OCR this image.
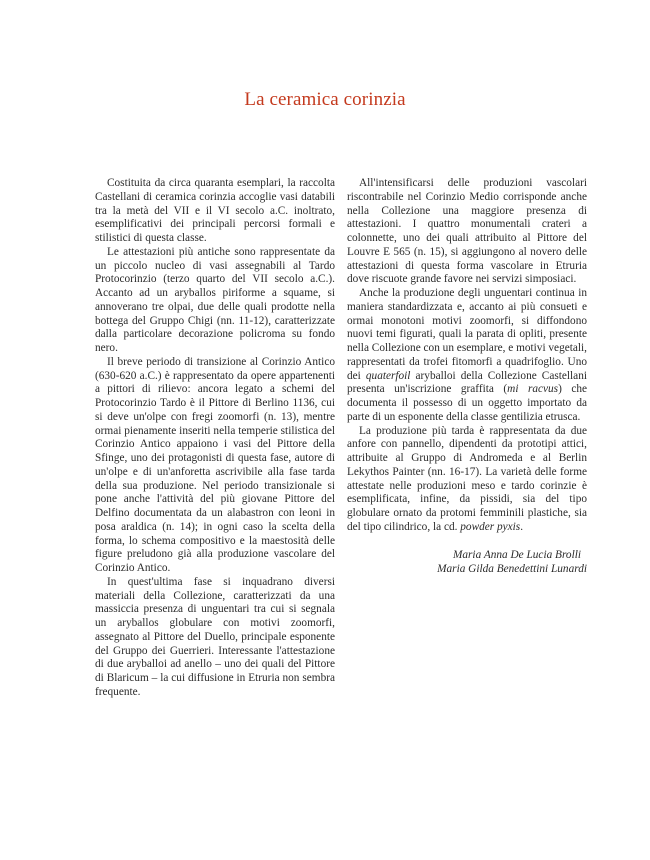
La ceramica corinzia

Costituita da circa quaranta esemplari, la raccolta Castellani di ceramica corinzia accoglie vasi databili tra la metà del VII e il VI secolo a.C. inoltrato, esemplificativi dei principali percorsi formali e stilistici di questa classe.

Le attestazioni più antiche sono rappresentate da un piccolo nucleo di vasi assegnabili al Tardo Protocorinzio (terzo quarto del VII secolo a.C.). Accanto ad un aryballos piriforme a squame, si annoverano tre olpai, due delle quali prodotte nella bottega del Gruppo Chigi (nn. 11-12), caratterizzate dalla particolare decorazione policroma su fondo nero.

Il breve periodo di transizione al Corinzio Antico (630-620 a.C.) è rappresentato da opere appartenenti a pittori di rilievo: ancora legato a schemi del Protocorinzio Tardo è il Pittore di Berlino 1136, cui si deve un'olpe con fregi zoomorfi (n. 13), mentre ormai pienamente inseriti nella temperie stilistica del Corinzio Antico appaiono i vasi del Pittore della Sfinge, uno dei protagonisti di questa fase, autore di un'olpe e di un'anforetta ascrivibile alla fase tarda della sua produzione. Nel periodo transizionale si pone anche l'attività del più giovane Pittore del Delfino documentata da un alabastron con leoni in posa araldica (n. 14); in ogni caso la scelta della forma, lo schema compositivo e la maestosità delle figure preludono già alla produzione vascolare del Corinzio Antico.

In quest'ultima fase si inquadrano diversi materiali della Collezione, caratterizzati da una massiccia presenza di unguentari tra cui si segnala un aryballos globulare con motivi zoomorfi, assegnato al Pittore del Duello, principale esponente del Gruppo dei Guerrieri. Interessante l'attestazione di due aryballoi ad anello – uno dei quali del Pittore di Blaricum – la cui diffusione in Etruria non sembra frequente.

All'intensificarsi delle produzioni vascolari riscontrabile nel Corinzio Medio corrisponde anche nella Collezione una maggiore presenza di attestazioni. I quattro monumentali crateri a colonnette, uno dei quali attribuito al Pittore del Louvre E 565 (n. 15), si aggiungono al novero delle attestazioni di questa forma vascolare in Etruria dove riscuote grande favore nei servizi simposiaci.

Anche la produzione degli unguentari continua in maniera standardizzata e, accanto ai più consueti e ormai monotoni motivi zoomorfi, si diffondono nuovi temi figurati, quali la parata di opliti, presente nella Collezione con un esemplare, e motivi vegetali, rappresentati da trofei fitomorfi a quadrifoglio. Uno dei quaterfoil aryballoi della Collezione Castellani presenta un'iscrizione graffita (mi racvus) che documenta il possesso di un oggetto importato da parte di un esponente della classe gentilizia etrusca.

La produzione più tarda è rappresentata da due anfore con pannello, dipendenti da prototipi attici, attribuite al Gruppo di Andromeda e al Berlin Lekythos Painter (nn. 16-17). La varietà delle forme attestate nelle produzioni meso e tardo corinzie è esemplificata, infine, da pissidi, sia del tipo globulare ornato da protomi femminili plastiche, sia del tipo cilindrico, la cd. powder pyxis.

Maria Anna De Lucia Brolli
Maria Gilda Benedettini Lunardi
